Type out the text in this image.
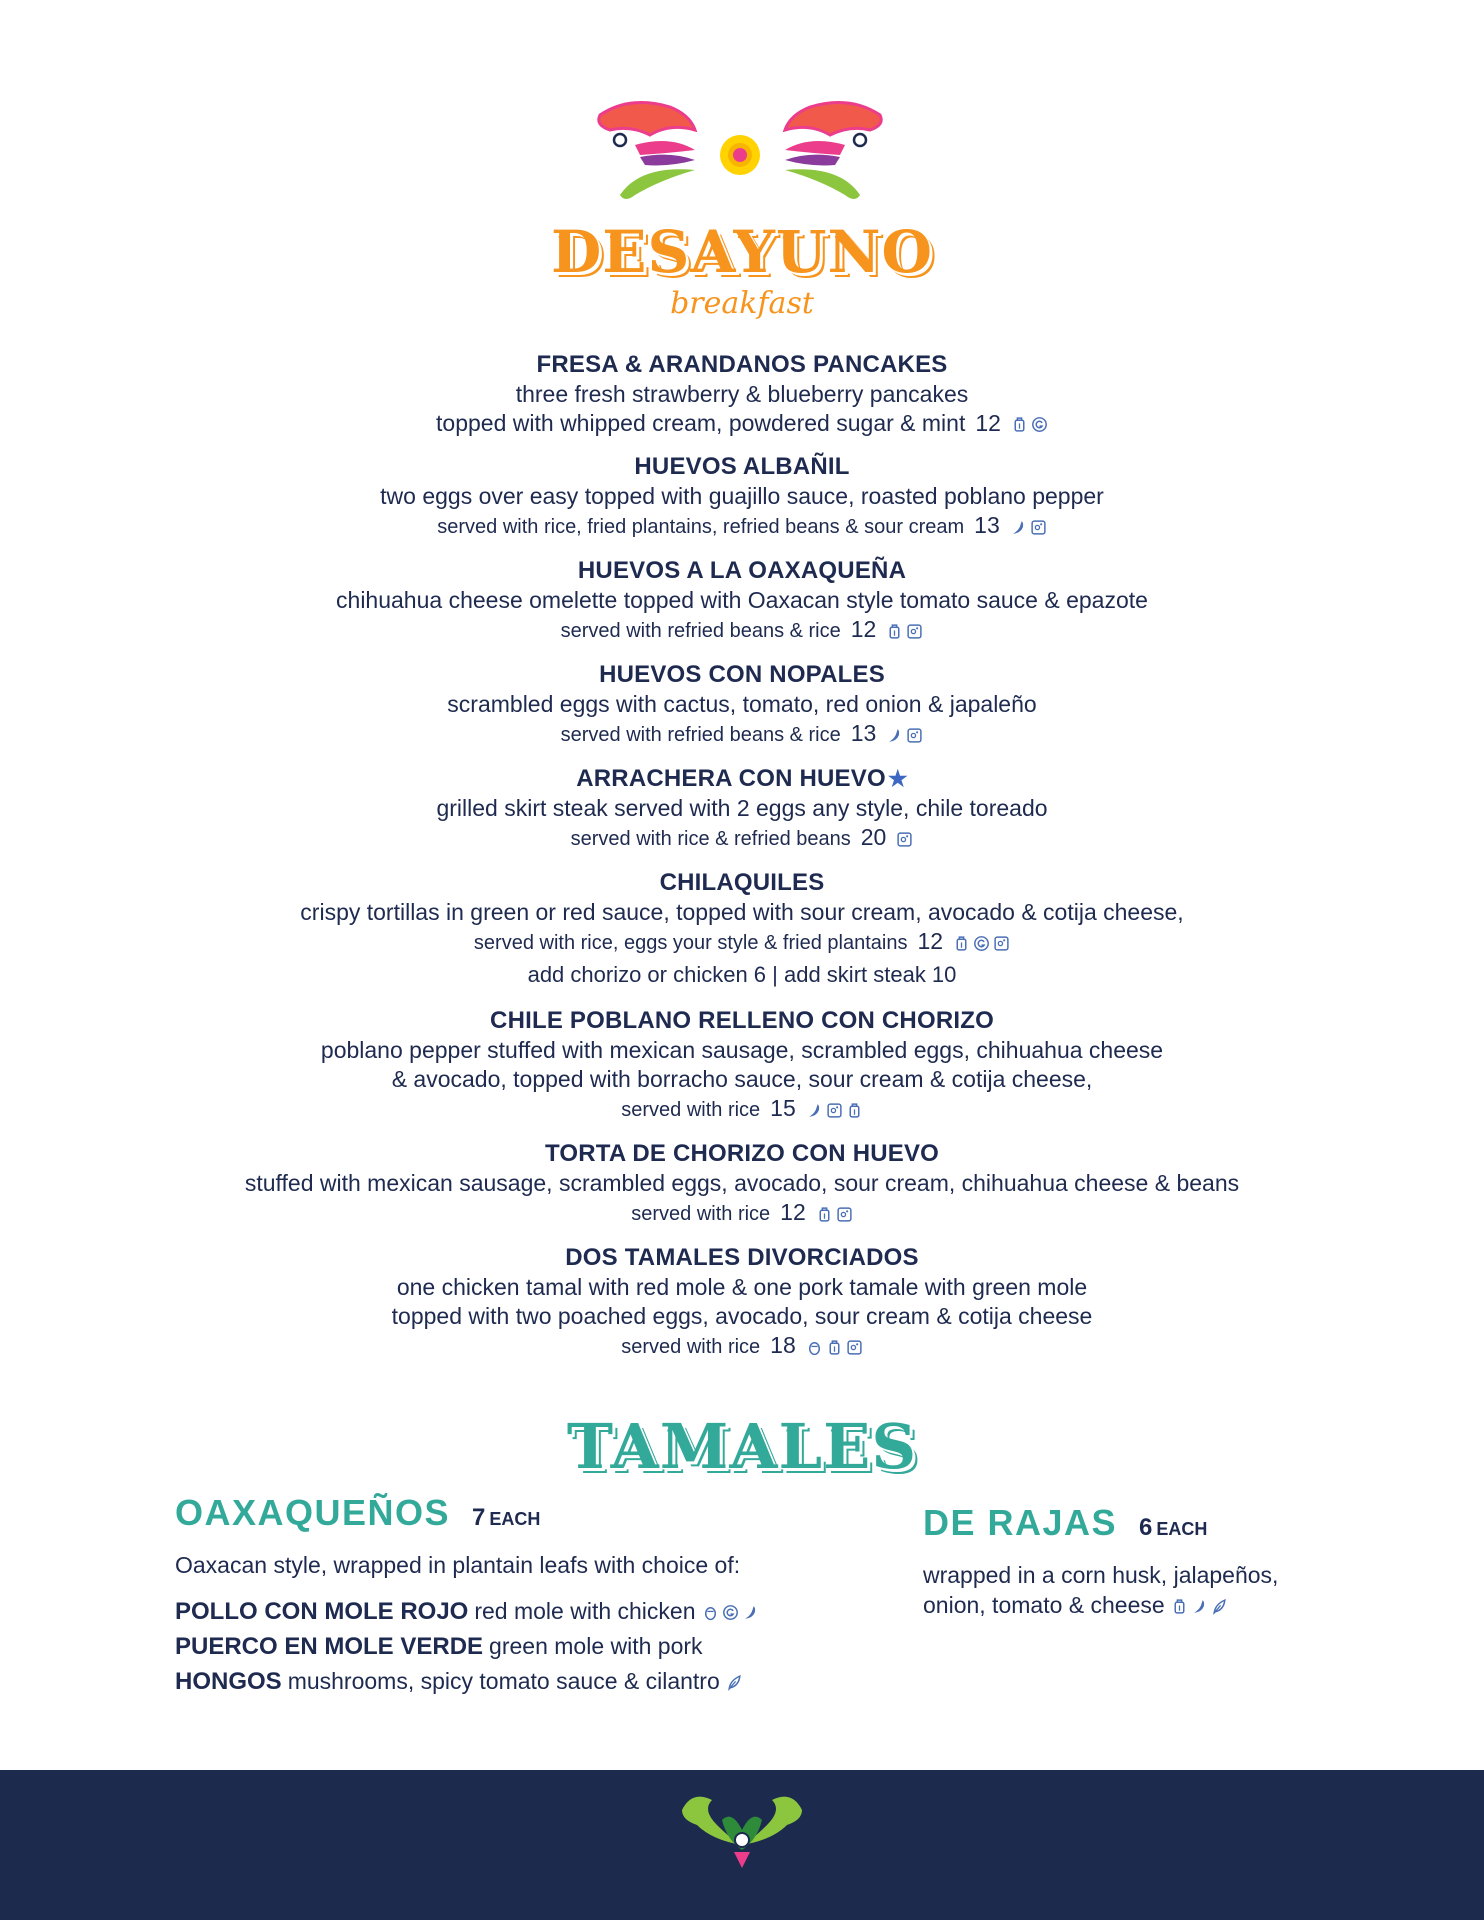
DESAYUNO
breakfast
FRESA & ARANDANOS PANCAKES
three fresh strawberry & blueberry pancakes
topped with whipped cream, powdered sugar & mint 12
HUEVOS ALBAÑIL
two eggs over easy topped with guajillo sauce, roasted poblano pepper
served with rice, fried plantains, refried beans & sour cream 13
HUEVOS A LA OAXAQUEÑA
chihuahua cheese omelette topped with Oaxacan style tomato sauce & epazote
served with refried beans & rice 12
HUEVOS CON NOPALES
scrambled eggs with cactus, tomato, red onion & japaleño
served with refried beans & rice 13
ARRACHERA CON HUEVO★
grilled skirt steak served with 2 eggs any style, chile toreado
served with rice & refried beans 20
CHILAQUILES
crispy tortillas in green or red sauce, topped with sour cream, avocado & cotija cheese,
served with rice, eggs your style & fried plantains 12
add chorizo or chicken 6 | add skirt steak 10
CHILE POBLANO RELLENO CON CHORIZO
poblano pepper stuffed with mexican sausage, scrambled eggs, chihuahua cheese
& avocado, topped with borracho sauce, sour cream & cotija cheese,
served with rice 15
TORTA DE CHORIZO CON HUEVO
stuffed with mexican sausage, scrambled eggs, avocado, sour cream, chihuahua cheese & beans
served with rice 12
DOS TAMALES DIVORCIADOS
one chicken tamal with red mole & one pork tamale with green mole
topped with two poached eggs, avocado, sour cream & cotija cheese
served with rice 18
TAMALES
OAXAQUEÑOS 7 EACH
Oaxacan style, wrapped in plantain leafs with choice of:
POLLO CON MOLE ROJO red mole with chicken
PUERCO EN MOLE VERDE green mole with pork
HONGOS mushrooms, spicy tomato sauce & cilantro
DE RAJAS 6 EACH
wrapped in a corn husk, jalapeños,
onion, tomato & cheese
